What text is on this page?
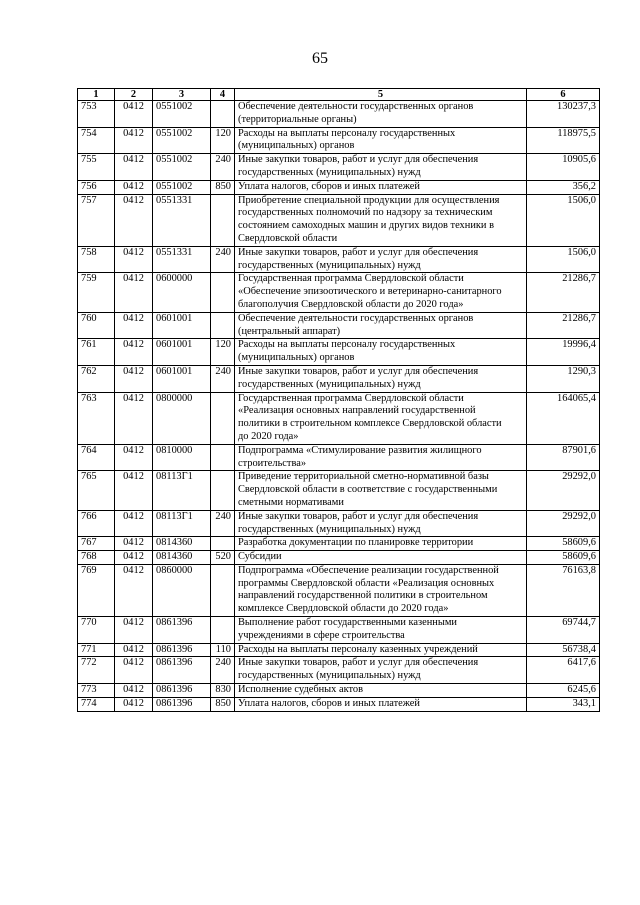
65
1	2	3	4	5	6
753	0412	0551002		Обеспечение деятельности государственных органов
(территориальные органы)	130237,3
754	0412	0551002	120	Расходы на выплаты персоналу государственных
(муниципальных) органов	118975,5
755	0412	0551002	240	Иные закупки товаров, работ и услуг для обеспечения
государственных (муниципальных) нужд	10905,6
756	0412	0551002	850	Уплата налогов, сборов и иных платежей	356,2
757	0412	0551331		Приобретение специальной продукции для осуществления
государственных полномочий по надзору за техническим
состоянием самоходных машин и других видов техники в
Свердловской области	1506,0
758	0412	0551331	240	Иные закупки товаров, работ и услуг для обеспечения
государственных (муниципальных) нужд	1506,0
759	0412	0600000		Государственная программа Свердловской области
«Обеспечение эпизоотического и ветеринарно-санитарного
благополучия Свердловской области до 2020 года»	21286,7
760	0412	0601001		Обеспечение деятельности государственных органов
(центральный аппарат)	21286,7
761	0412	0601001	120	Расходы на выплаты персоналу государственных
(муниципальных) органов	19996,4
762	0412	0601001	240	Иные закупки товаров, работ и услуг для обеспечения
государственных (муниципальных) нужд	1290,3
763	0412	0800000		Государственная программа Свердловской области
«Реализация основных направлений государственной
политики в строительном комплексе Свердловской области
до 2020 года»	164065,4
764	0412	0810000		Подпрограмма «Стимулирование развития жилищного
строительства»	87901,6
765	0412	08113Г1		Приведение территориальной сметно-нормативной базы
Свердловской области в соответствие с государственными
сметными нормативами	29292,0
766	0412	08113Г1	240	Иные закупки товаров, работ и услуг для обеспечения
государственных (муниципальных) нужд	29292,0
767	0412	0814360		Разработка документации по планировке территории	58609,6
768	0412	0814360	520	Субсидии	58609,6
769	0412	0860000		Подпрограмма «Обеспечение реализации государственной
программы Свердловской области «Реализация основных
направлений государственной политики в строительном
комплексе Свердловской области до 2020 года»	76163,8
770	0412	0861396		Выполнение работ государственными казенными
учреждениями в сфере строительства	69744,7
771	0412	0861396	110	Расходы на выплаты персоналу казенных учреждений	56738,4
772	0412	0861396	240	Иные закупки товаров, работ и услуг для обеспечения
государственных (муниципальных) нужд	6417,6
773	0412	0861396	830	Исполнение судебных актов	6245,6
774	0412	0861396	850	Уплата налогов, сборов и иных платежей	343,1
